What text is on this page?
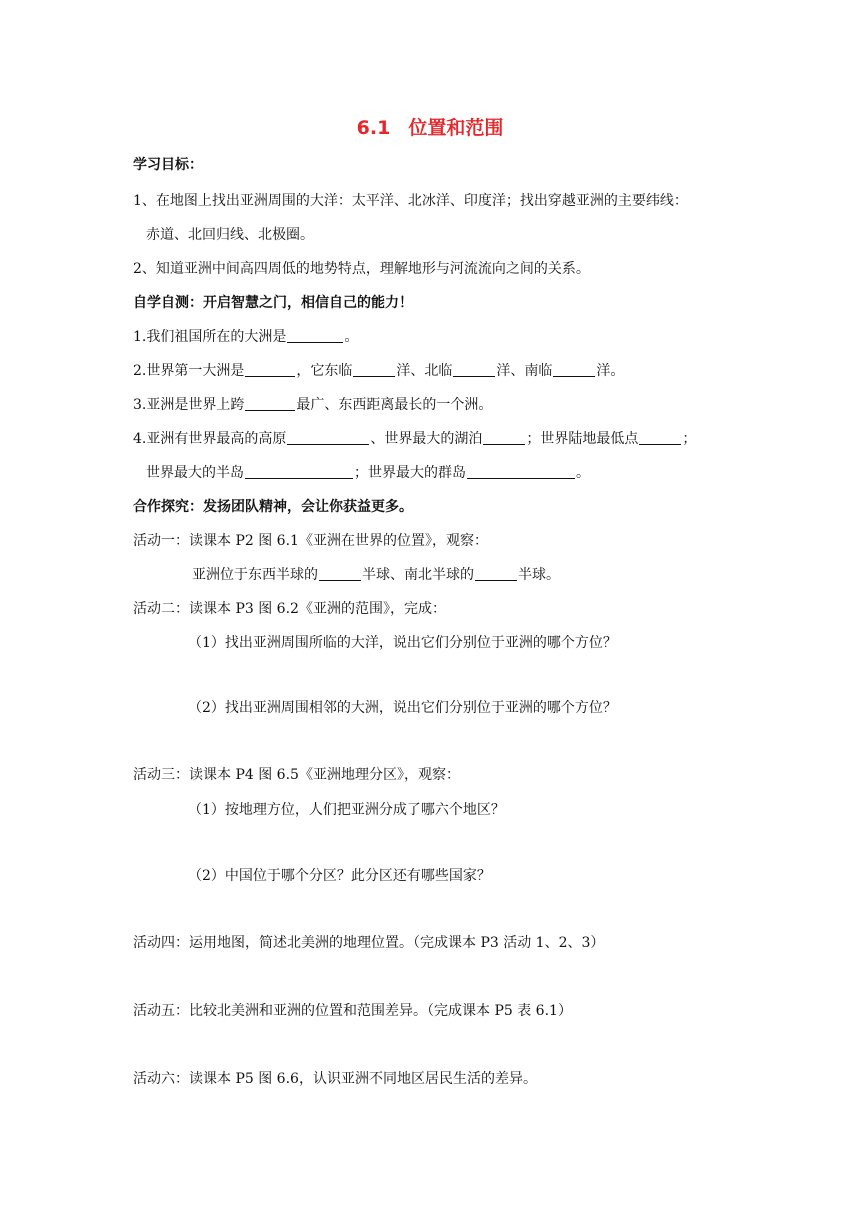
6.1 位置和范围
学习目标：
1、在地图上找出亚洲周围的大洋：太平洋、北冰洋、印度洋；找出穿越亚洲的主要纬线：
赤道、北回归线、北极圈。
2、知道亚洲中间高四周低的地势特点，理解地形与河流流向之间的关系。
自学自测：开启智慧之门，相信自己的能力！
1.我们祖国所在的大洲是	。
2.世界第一大洲是	，它东临	洋、北临	洋、南临	洋。
3.亚洲是世界上跨	最广、东西距离最长的一个洲。
4.亚洲有世界最高的高原	、世界最大的湖泊	；世界陆地最低点	；
世界最大的半岛	；世界最大的群岛	。
合作探究：发扬团队精神，会让你获益更多。
活动一：读课本 P2 图 6.1《亚洲在世界的位置》，观察：
亚洲位于东西半球的	半球、南北半球的	半球。
活动二：读课本 P3 图 6.2《亚洲的范围》，完成：
（1）找出亚洲周围所临的大洋，说出它们分别位于亚洲的哪个方位？
（2）找出亚洲周围相邻的大洲，说出它们分别位于亚洲的哪个方位？
活动三：读课本 P4 图 6.5《亚洲地理分区》，观察：
（1）按地理方位，人们把亚洲分成了哪六个地区？
（2）中国位于哪个分区？此分区还有哪些国家？
活动四：运用地图，简述北美洲的地理位置。（完成课本 P3 活动 1、2、3）
活动五：比较北美洲和亚洲的位置和范围差异。（完成课本 P5 表 6.1）
活动六：读课本 P5 图 6.6，认识亚洲不同地区居民生活的差异。
